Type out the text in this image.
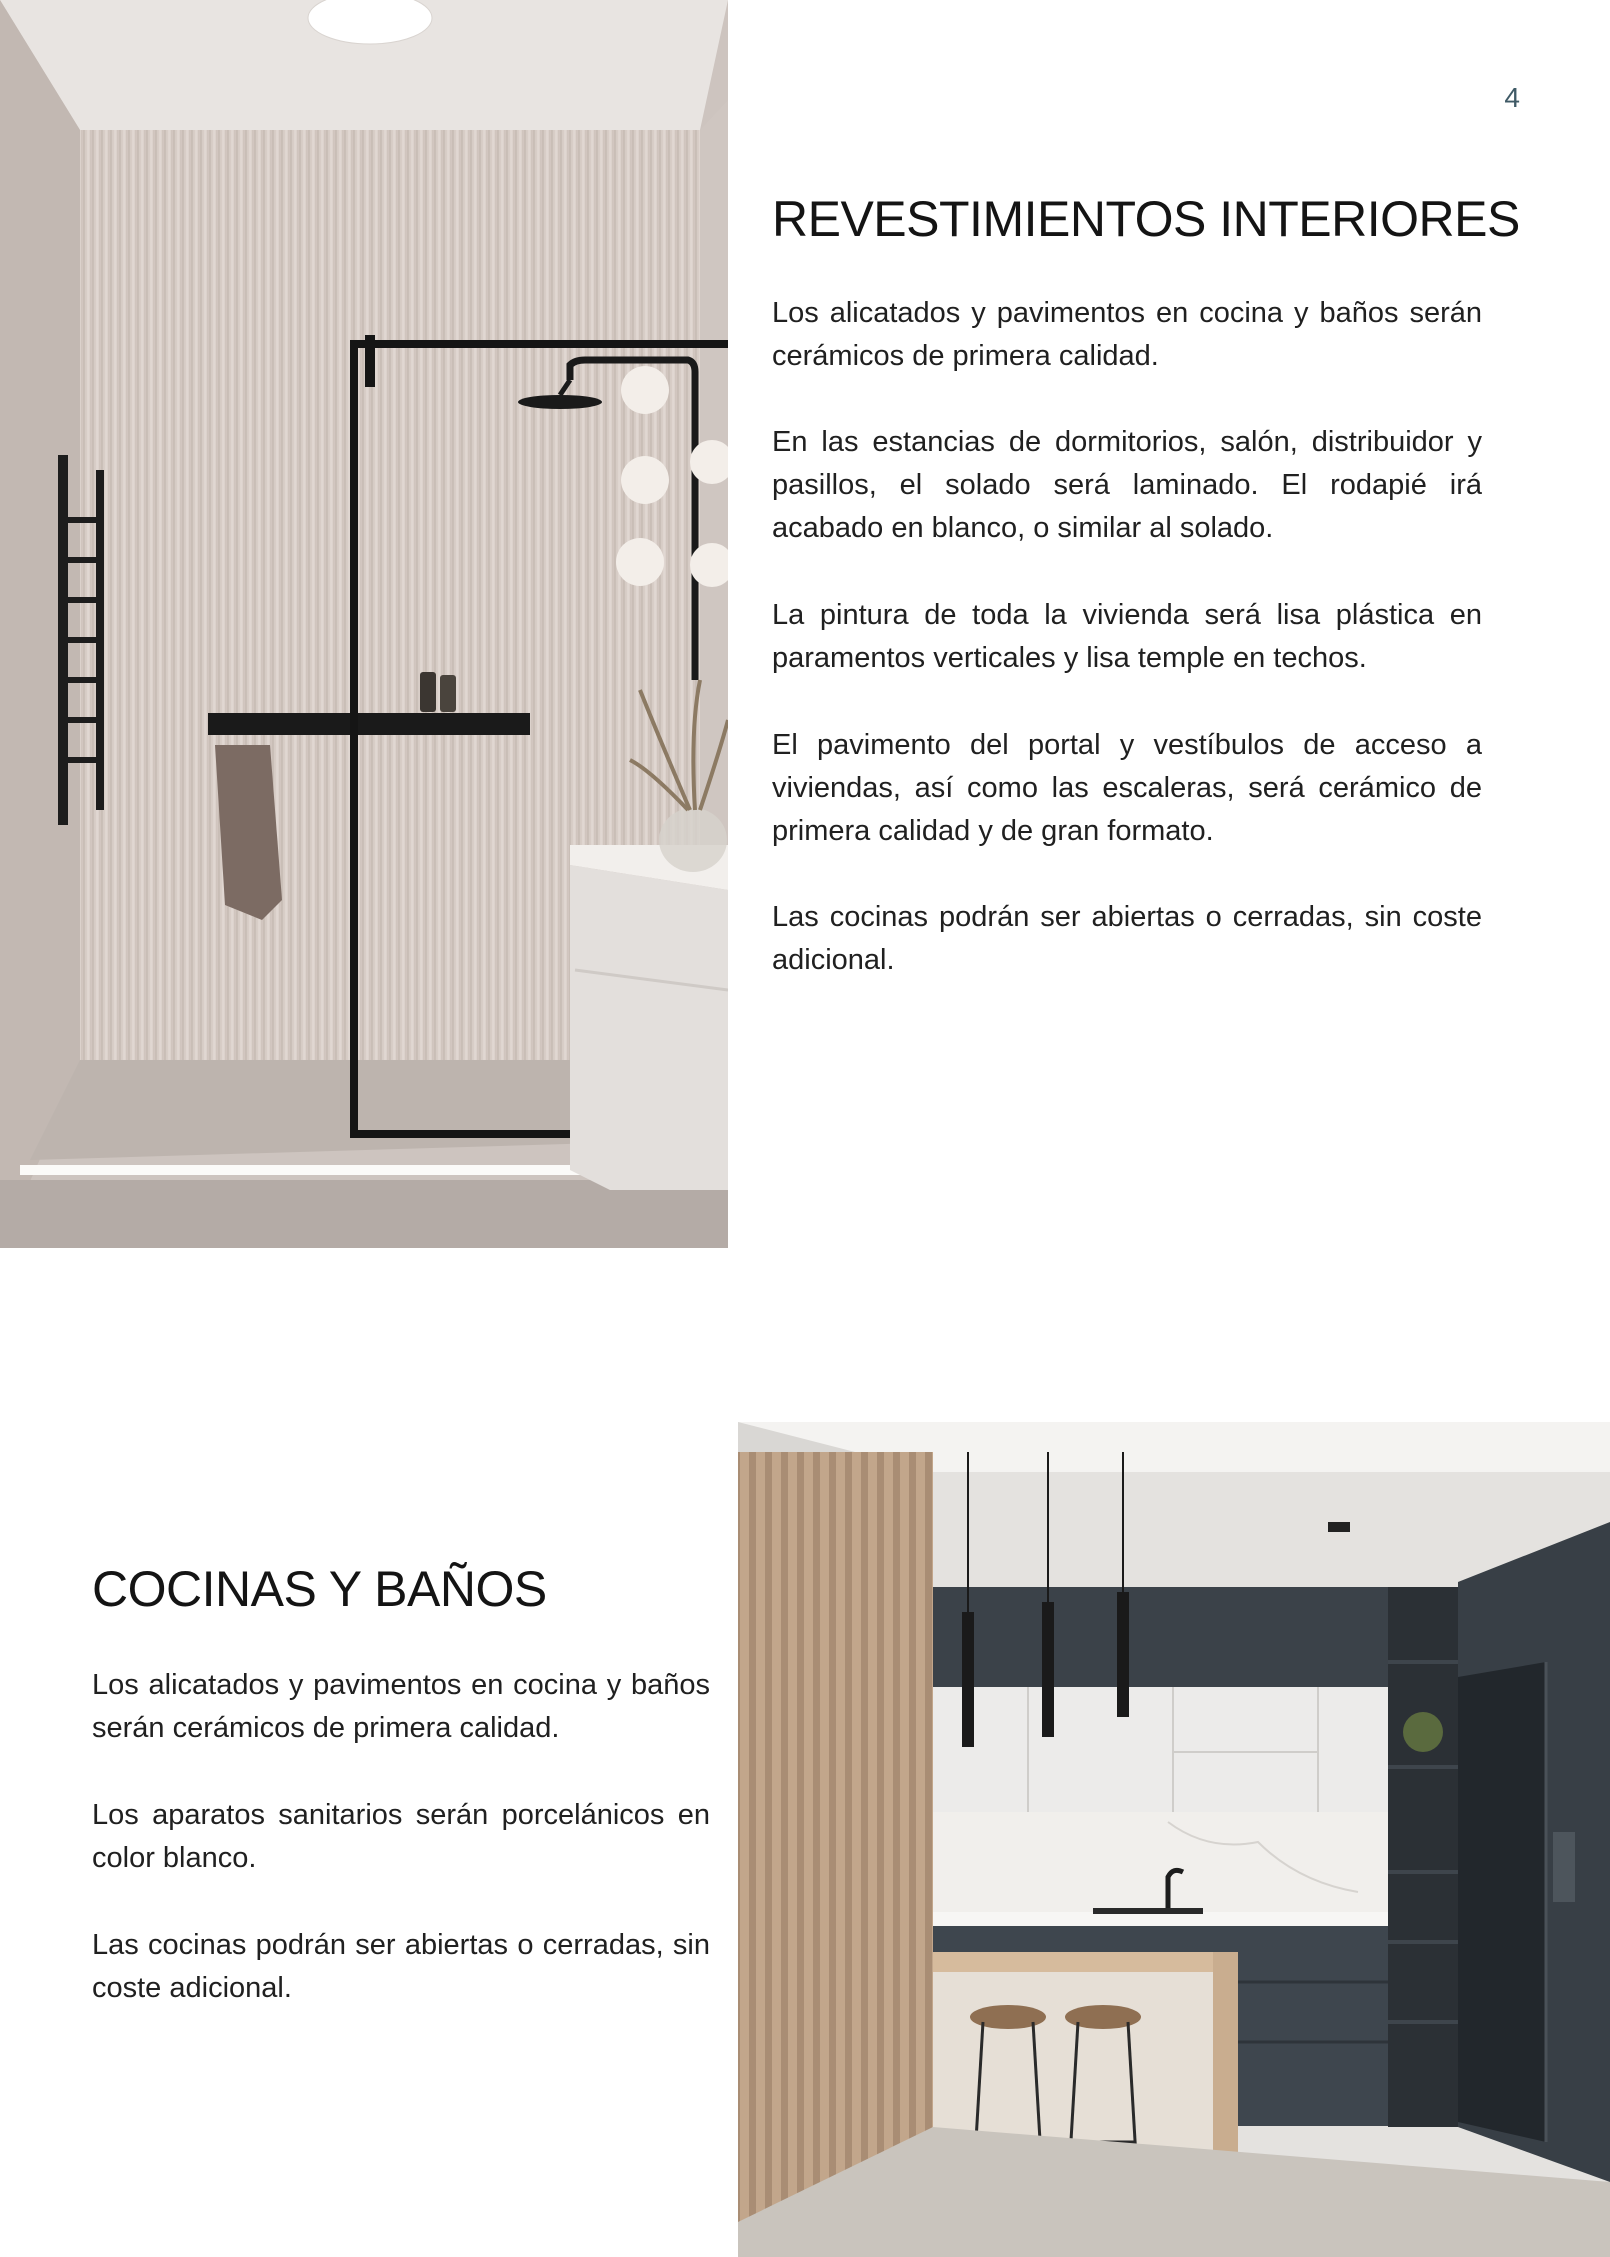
4
REVESTIMIENTOS INTERIORES

Los alicatados y pavimentos en cocina y baños serán cerámicos de primera calidad.

En las estancias de dormitorios, salón, distribuidor y pasillos, el solado será laminado. El rodapié irá acabado en blanco, o similar al solado.

La pintura de toda la vivienda será lisa plástica en paramentos verticales y lisa temple en techos.

El pavimento del portal y vestíbulos de acceso a viviendas, así como las escaleras, será cerámico de primera calidad y de gran formato.

Las cocinas podrán ser abiertas o cerradas, sin coste adicional.

COCINAS Y BAÑOS

Los alicatados y pavimentos en cocina y baños serán cerámicos de primera calidad.

Los aparatos sanitarios serán porcelánicos en color blanco.

Las cocinas podrán ser abiertas o cerradas, sin coste adicional.
